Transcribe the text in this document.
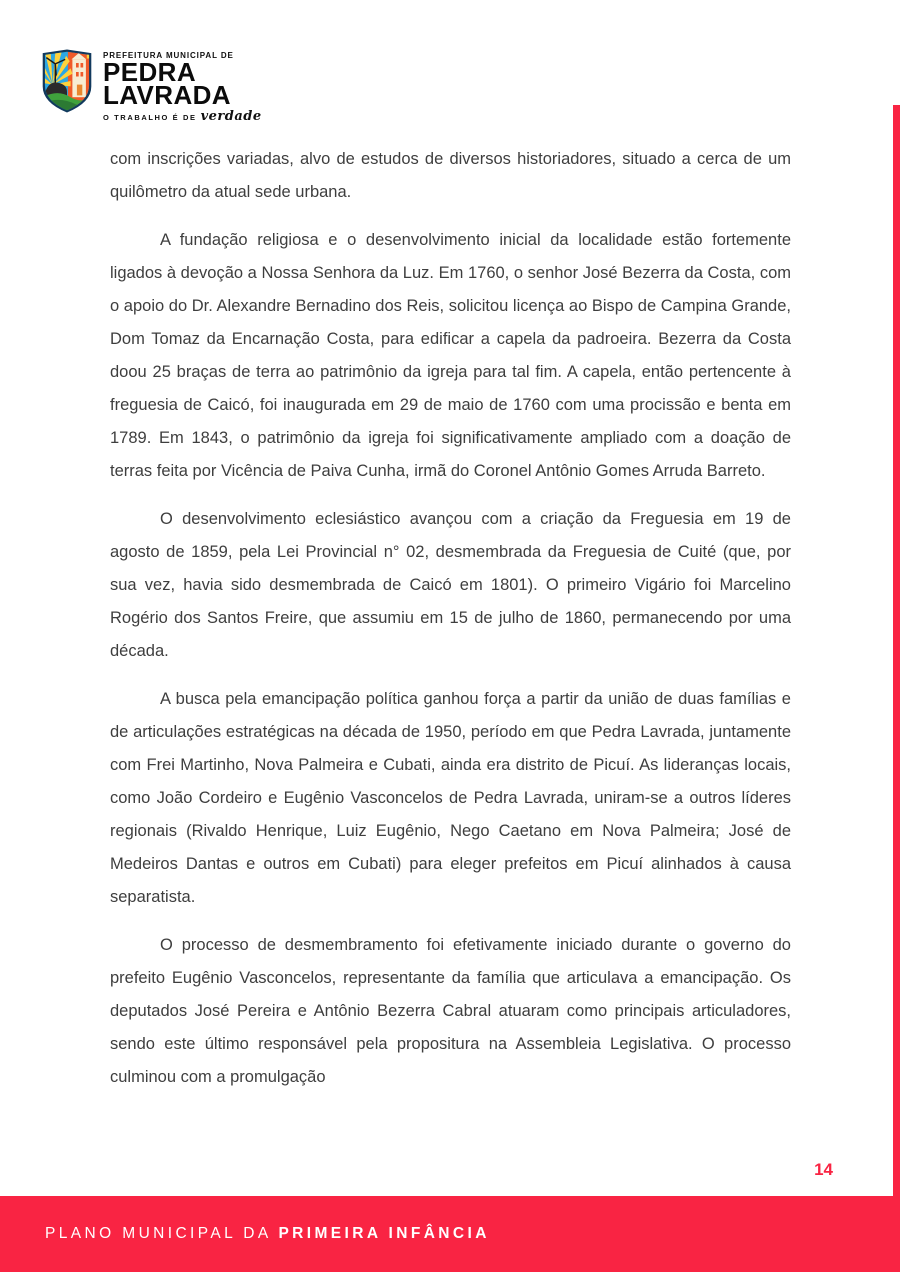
PREFEITURA MUNICIPAL DE
PEDRA
LAVRADA
O TRABALHO É DE verdade

com inscrições variadas, alvo de estudos de diversos historiadores, situado a cerca de um quilômetro da atual sede urbana.

A fundação religiosa e o desenvolvimento inicial da localidade estão fortemente ligados à devoção a Nossa Senhora da Luz. Em 1760, o senhor José Bezerra da Costa, com o apoio do Dr. Alexandre Bernadino dos Reis, solicitou licença ao Bispo de Campina Grande, Dom Tomaz da Encarnação Costa, para edificar a capela da padroeira. Bezerra da Costa doou 25 braças de terra ao patrimônio da igreja para tal fim. A capela, então pertencente à freguesia de Caicó, foi inaugurada em 29 de maio de 1760 com uma procissão e benta em 1789. Em 1843, o patrimônio da igreja foi significativamente ampliado com a doação de terras feita por Vicência de Paiva Cunha, irmã do Coronel Antônio Gomes Arruda Barreto.

O desenvolvimento eclesiástico avançou com a criação da Freguesia em 19 de agosto de 1859, pela Lei Provincial n° 02, desmembrada da Freguesia de Cuité (que, por sua vez, havia sido desmembrada de Caicó em 1801). O primeiro Vigário foi Marcelino Rogério dos Santos Freire, que assumiu em 15 de julho de 1860, permanecendo por uma década.

A busca pela emancipação política ganhou força a partir da união de duas famílias e de articulações estratégicas na década de 1950, período em que Pedra Lavrada, juntamente com Frei Martinho, Nova Palmeira e Cubati, ainda era distrito de Picuí. As lideranças locais, como João Cordeiro e Eugênio Vasconcelos de Pedra Lavrada, uniram-se a outros líderes regionais (Rivaldo Henrique, Luiz Eugênio, Nego Caetano em Nova Palmeira; José de Medeiros Dantas e outros em Cubati) para eleger prefeitos em Picuí alinhados à causa separatista.

O processo de desmembramento foi efetivamente iniciado durante o governo do prefeito Eugênio Vasconcelos, representante da família que articulava a emancipação. Os deputados José Pereira e Antônio Bezerra Cabral atuaram como principais articuladores, sendo este último responsável pela propositura na Assembleia Legislativa. O processo culminou com a promulgação

14
PLANO MUNICIPAL DA PRIMEIRA INFÂNCIA
